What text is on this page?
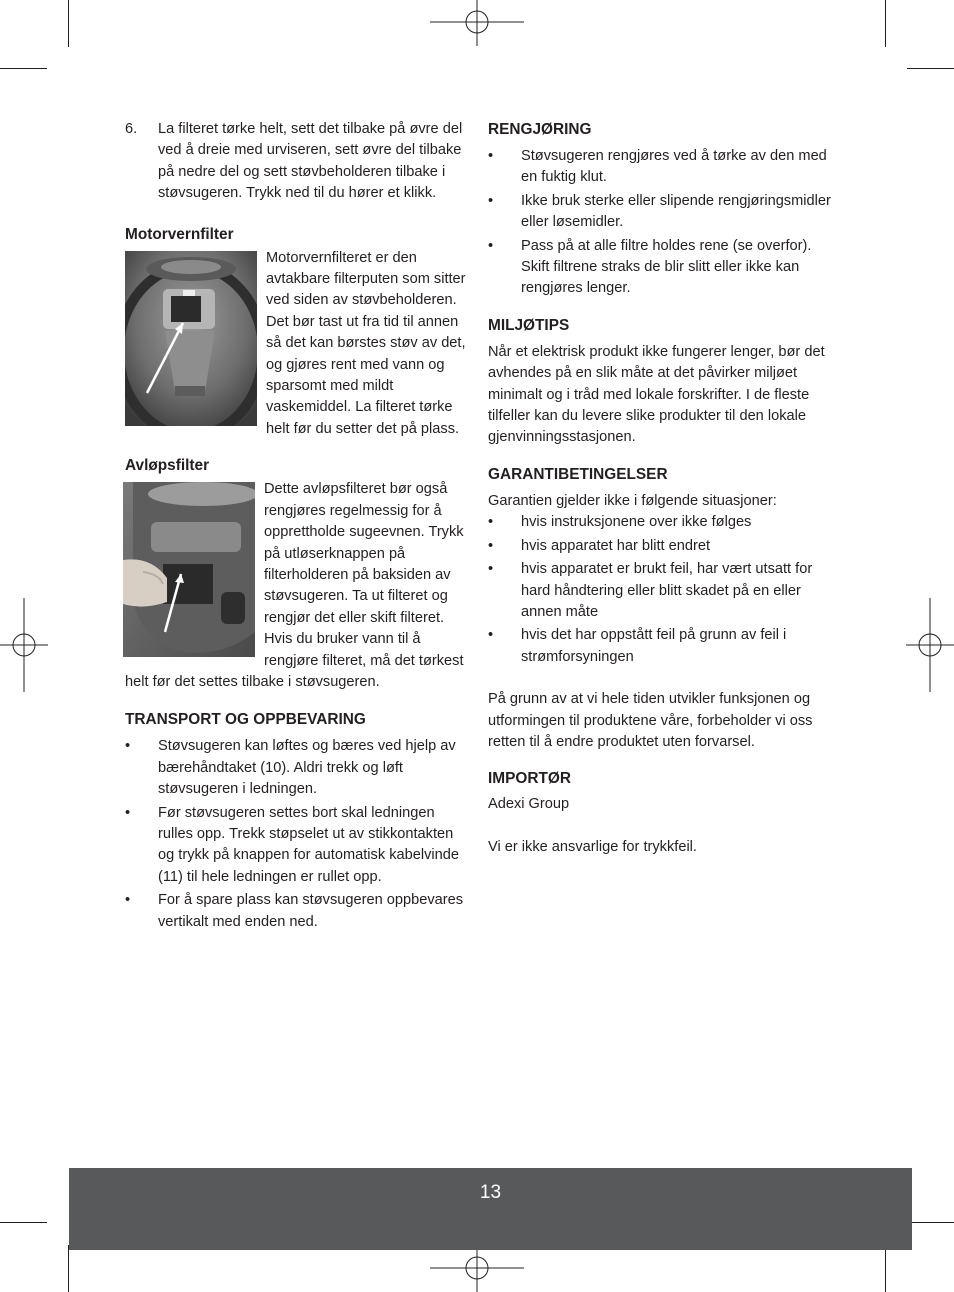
6.	La filteret tørke helt, sett det tilbake på øvre del ved å dreie med urviseren, sett øvre del tilbake på nedre del og sett støvbeholderen tilbake i støvsugeren. Trykk ned til du hører et klikk.
Motorvernfilter

Motorvernfilteret er den avtakbare filterputen som sitter ved siden av støvbeholderen. Det bør tast ut fra tid til annen så det kan børstes støv av det, og gjøres rent med vann og sparsomt med mildt vaskemiddel. La filteret tørke helt før du setter det på plass.

Avløpsfilter

Dette avløpsfilteret bør også rengjøres regelmessig for å opprettholde sugeevnen. Trykk på utløserknappen på filterholderen på baksiden av støvsugeren. Ta ut filteret og rengjør det eller skift filteret. Hvis du bruker vann til å rengjøre filteret, må det tørkest helt før det settes tilbake i støvsugeren.

TRANSPORT OG OPPBEVARING
•	Støvsugeren kan løftes og bæres ved hjelp av bærehåndtaket (10). Aldri trekk og løft støvsugeren i ledningen.
•	Før støvsugeren settes bort skal ledningen rulles opp. Trekk støpselet ut av stikkontakten og trykk på knappen for automatisk kabelvinde (11) til hele ledningen er rullet opp.
•	For å spare plass kan støvsugeren oppbevares vertikalt med enden ned.
RENGJØRING
•	Støvsugeren rengjøres ved å tørke av den med en fuktig klut.
•	Ikke bruk sterke eller slipende rengjøringsmidler eller løsemidler.
•	Pass på at alle filtre holdes rene (se overfor). Skift filtrene straks de blir slitt eller ikke kan rengjøres lenger.
MILJØTIPS

Når et elektrisk produkt ikke fungerer lenger, bør det avhendes på en slik måte at det påvirker miljøet minimalt og i tråd med lokale forskrifter. I de fleste tilfeller kan du levere slike produkter til den lokale gjenvinningsstasjonen.

GARANTIBETINGELSER

Garantien gjelder ikke i følgende situasjoner:

•	hvis instruksjonene over ikke følges
•	hvis apparatet har blitt endret
•	hvis apparatet er brukt feil, har vært utsatt for hard håndtering eller blitt skadet på en eller annen måte
•	hvis det har oppstått feil på grunn av feil i strømforsyningen

På grunn av at vi hele tiden utvikler funksjonen og utformingen til produktene våre, forbeholder vi oss retten til å endre produktet uten forvarsel.

IMPORTØR

Adexi Group

Vi er ikke ansvarlige for trykkfeil.

13
